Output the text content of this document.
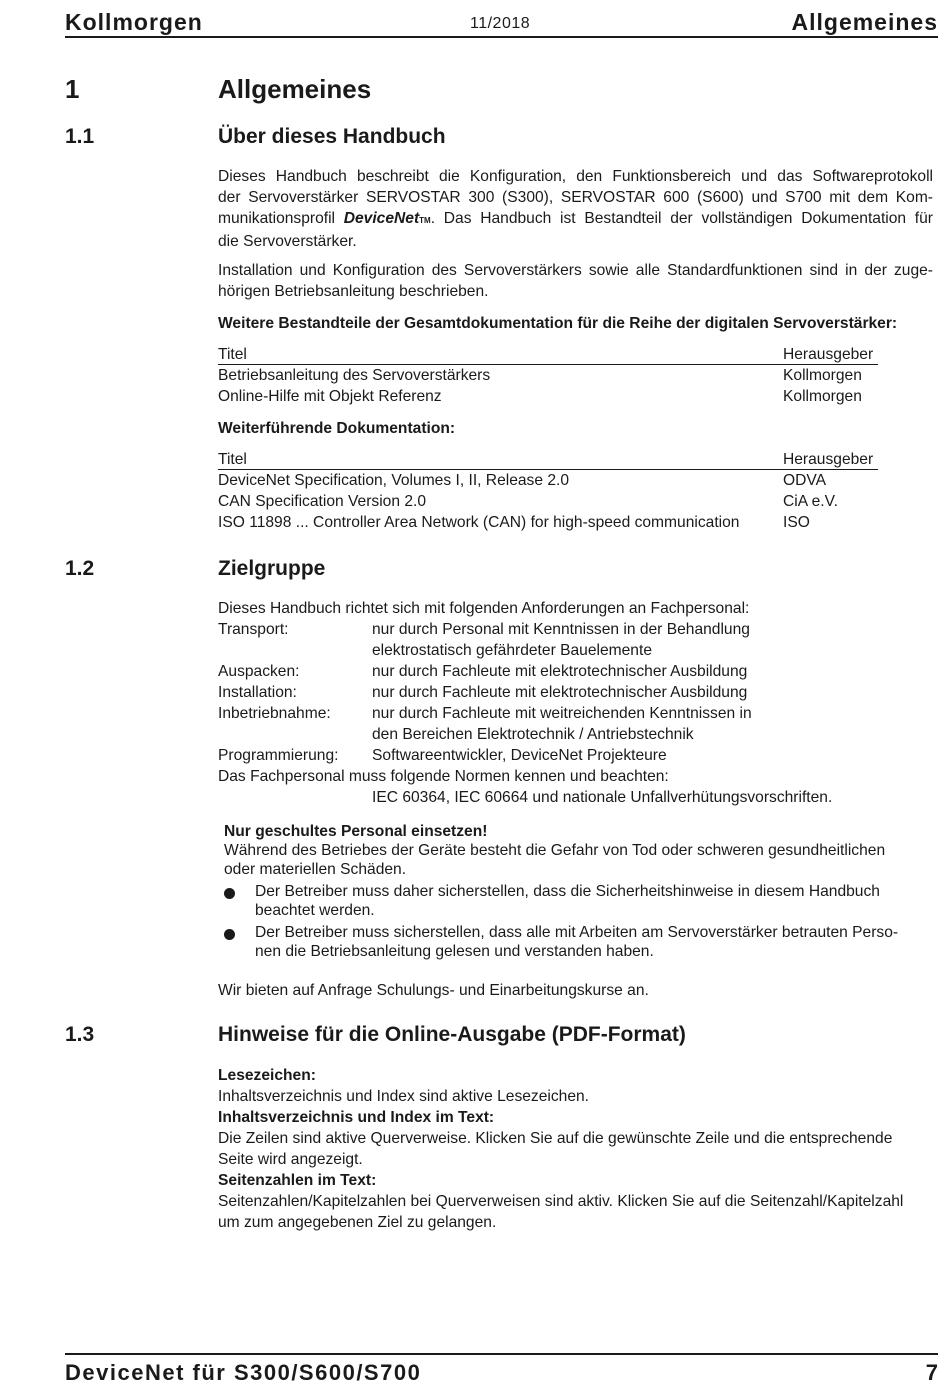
Kollmorgen	11/2018	Allgemeines
1	Allgemeines
1.1	Über dieses Handbuch
Dieses Handbuch beschreibt die Konfiguration, den Funktionsbereich und das Softwareprotokoll
der Servoverstärker SERVOSTAR 300 (S300), SERVOSTAR 600 (S600) und S700 mit dem Kom-
munikationsprofil DeviceNetTM. Das Handbuch ist Bestandteil der vollständigen Dokumentation für
die Servoverstärker.
Installation und Konfiguration des Servoverstärkers sowie alle Standardfunktionen sind in der zuge-
hörigen Betriebsanleitung beschrieben.
Weitere Bestandteile der Gesamtdokumentation für die Reihe der digitalen Servoverstärker:
Titel	Herausgeber
Betriebsanleitung des Servoverstärkers	Kollmorgen
Online-Hilfe mit Objekt Referenz	Kollmorgen
Weiterführende Dokumentation:
Titel	Herausgeber
DeviceNet Specification, Volumes I, II, Release 2.0	ODVA
CAN Specification Version 2.0	CiA e.V.
ISO 11898 ... Controller Area Network (CAN) for high-speed communication	ISO
1.2	Zielgruppe
Dieses Handbuch richtet sich mit folgenden Anforderungen an Fachpersonal:
Transport:	nur durch Personal mit Kenntnissen in der Behandlung
elektrostatisch gefährdeter Bauelemente
Auspacken:	nur durch Fachleute mit elektrotechnischer Ausbildung
Installation:	nur durch Fachleute mit elektrotechnischer Ausbildung
Inbetriebnahme:	nur durch Fachleute mit weitreichenden Kenntnissen in
den Bereichen Elektrotechnik / Antriebstechnik
Programmierung: Softwareentwickler, DeviceNet Projekteure
Das Fachpersonal muss folgende Normen kennen und beachten:
IEC 60364, IEC 60664 und nationale Unfallverhütungsvorschriften.
Nur geschultes Personal einsetzen!
Während des Betriebes der Geräte besteht die Gefahr von Tod oder schweren gesundheitlichen
oder materiellen Schäden.
Der Betreiber muss daher sicherstellen, dass die Sicherheitshinweise in diesem Handbuch
beachtet werden.
Der Betreiber muss sicherstellen, dass alle mit Arbeiten am Servoverstärker betrauten Perso-
nen die Betriebsanleitung gelesen und verstanden haben.
Wir bieten auf Anfrage Schulungs- und Einarbeitungskurse an.
1.3	Hinweise für die Online-Ausgabe (PDF-Format)
Lesezeichen:
Inhaltsverzeichnis und Index sind aktive Lesezeichen.
Inhaltsverzeichnis und Index im Text:
Die Zeilen sind aktive Querverweise. Klicken Sie auf die gewünschte Zeile und die entsprechende
Seite wird angezeigt.
Seitenzahlen im Text:
Seitenzahlen/Kapitelzahlen bei Querverweisen sind aktiv. Klicken Sie auf die Seitenzahl/Kapitelzahl
um zum angegebenen Ziel zu gelangen.
DeviceNet für S300/S600/S700	7
